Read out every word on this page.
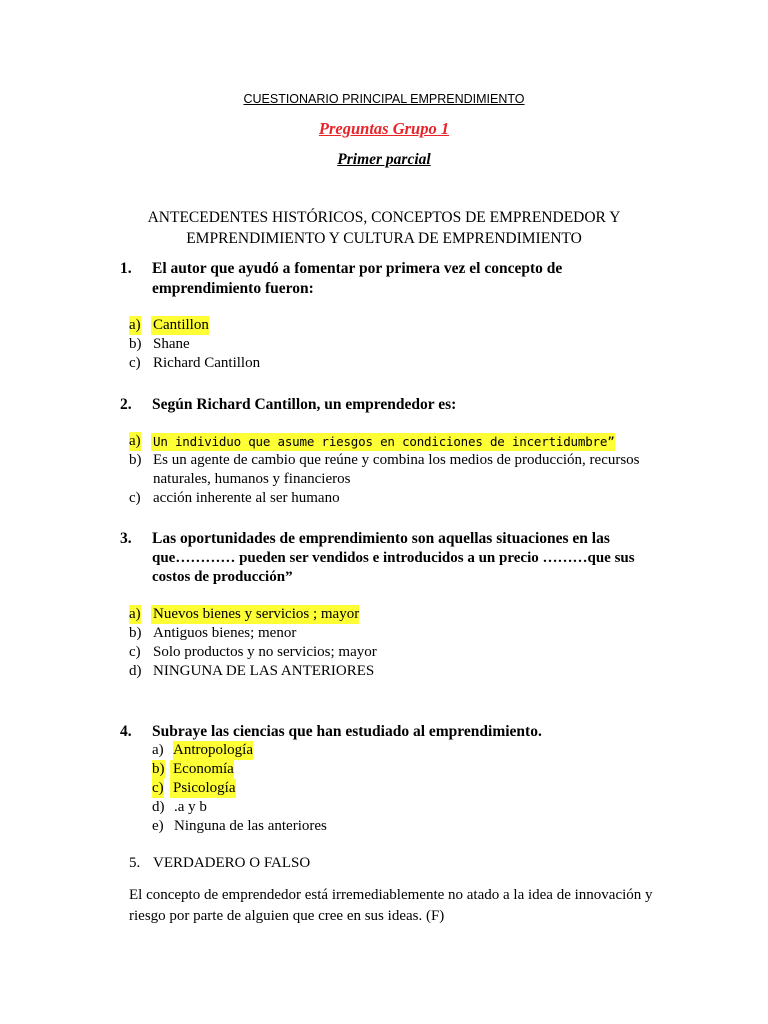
CUESTIONARIO PRINCIPAL EMPRENDIMIENTO
Preguntas Grupo 1
Primer parcial
ANTECEDENTES HISTÓRICOS, CONCEPTOS DE EMPRENDEDOR Y
EMPRENDIMIENTO Y CULTURA DE EMPRENDIMIENTO
1. El autor que ayudó a fomentar por primera vez el concepto de
emprendimiento fueron:
a) Cantillon
b) Shane
c) Richard Cantillon
2. Según Richard Cantillon, un emprendedor es:
a) Un individuo que asume riesgos en condiciones de incertidumbre”
b) Es un agente de cambio que reúne y combina los medios de producción, recursos
naturales, humanos y financieros
c) acción inherente al ser humano
3. Las oportunidades de emprendimiento son aquellas situaciones en las
que………… pueden ser vendidos e introducidos a un precio ………que sus
costos de producción”
a) Nuevos bienes y servicios ; mayor
b) Antiguos bienes; menor
c) Solo productos y no servicios; mayor
d) NINGUNA DE LAS ANTERIORES
4. Subraye las ciencias que han estudiado al emprendimiento.
a) Antropología
b) Economía
c) Psicología
d) .a y b
e) Ninguna de las anteriores
5. VERDADERO O FALSO
El concepto de emprendedor está irremediablemente no atado a la idea de innovación y
riesgo por parte de alguien que cree en sus ideas. (F)
